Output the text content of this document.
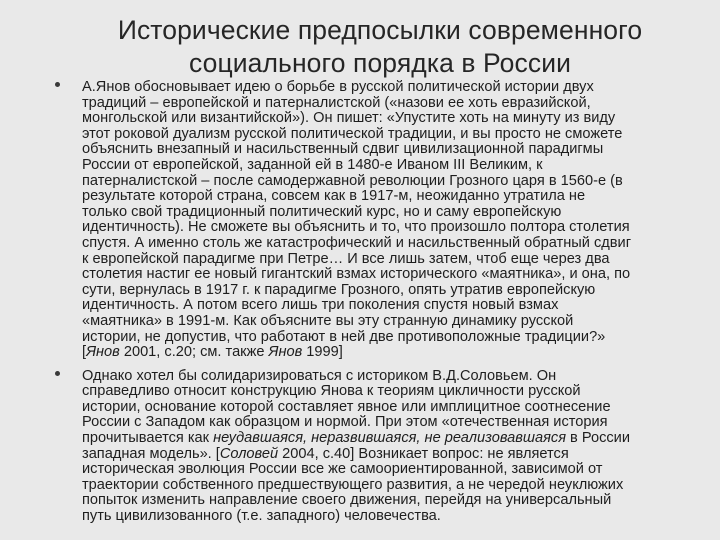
Исторические предпосылки современного
социального порядка в России
А.Янов обосновывает идею о борьбе в русской политической истории двух
традиций – европейской и патерналистской («назови ее хоть евразийской,
монгольской или византийской»). Он пишет: «Упустите хоть на минуту из виду
этот роковой дуализм русской политической традиции, и вы просто не сможете
объяснить внезапный и насильственный сдвиг цивилизационной парадигмы
России от европейской, заданной ей в 1480-е Иваном III Великим, к
патерналистской – после самодержавной революции Грозного царя в 1560-е (в
результате которой страна, совсем как в 1917-м, неожиданно утратила не
только свой традиционный политический курс, но и саму европейскую
идентичность). Не сможете вы объяснить и то, что произошло полтора столетия
спустя. А именно столь же катастрофический и насильственный обратный сдвиг
к европейской парадигме при Петре… И все лишь затем, чтоб еще через два
столетия настиг ее новый гигантский взмах исторического «маятника», и она, по
сути, вернулась в 1917 г. к парадигме Грозного, опять утратив европейскую
идентичность. А потом всего лишь три поколения спустя новый взмах
«маятника» в 1991-м. Как объясните вы эту странную динамику русской
истории, не допустив, что работают в ней две противоположные традиции?»
[Янов 2001, с.20; см. также Янов 1999]
Однако хотел бы солидаризироваться с историком В.Д.Соловьем. Он
справедливо относит конструкцию Янова к теориям цикличности русской
истории, основание которой составляет явное или имплицитное соотнесение
России с Западом как образцом и нормой. При этом «отечественная история
прочитывается как неудавшаяся, неразвившаяся, не реализовавшаяся в России
западная модель». [Соловей 2004, с.40] Возникает вопрос: не является
историческая эволюция России все же самоориентированной, зависимой от
траектории собственного предшествующего развития, а не чередой неуклюжих
попыток изменить направление своего движения, перейдя на универсальный
путь цивилизованного (т.е. западного) человечества.
